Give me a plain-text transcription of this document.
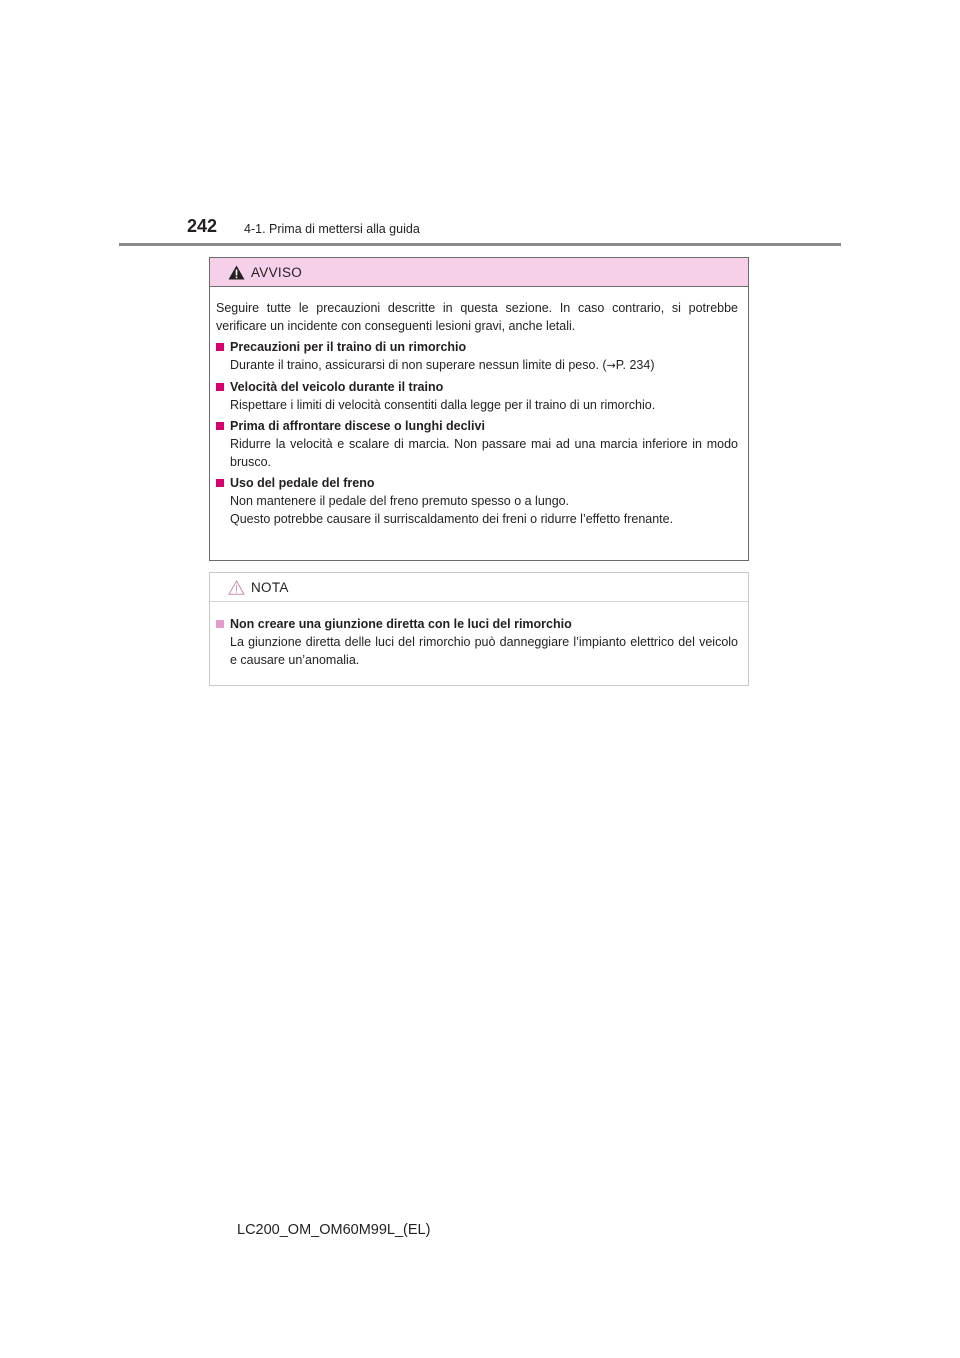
242 4-1. Prima di mettersi alla guida
AVVISO

Seguire tutte le precauzioni descritte in questa sezione. In caso contrario, si potrebbe verificare un incidente con conseguenti lesioni gravi, anche letali.

Precauzioni per il traino di un rimorchio
Durante il traino, assicurarsi di non superare nessun limite di peso. (→P. 234)
Velocità del veicolo durante il traino
Rispettare i limiti di velocità consentiti dalla legge per il traino di un rimorchio.
Prima di affrontare discese o lunghi declivi
Ridurre la velocità e scalare di marcia. Non passare mai ad una marcia inferiore in modo brusco.
Uso del pedale del freno
Non mantenere il pedale del freno premuto spesso o a lungo.
Questo potrebbe causare il surriscaldamento dei freni o ridurre l’effetto frenante.
NOTA
Non creare una giunzione diretta con le luci del rimorchio
La giunzione diretta delle luci del rimorchio può danneggiare l’impianto elettrico del veicolo e causare un’anomalia.
LC200_OM_OM60M99L_(EL)
